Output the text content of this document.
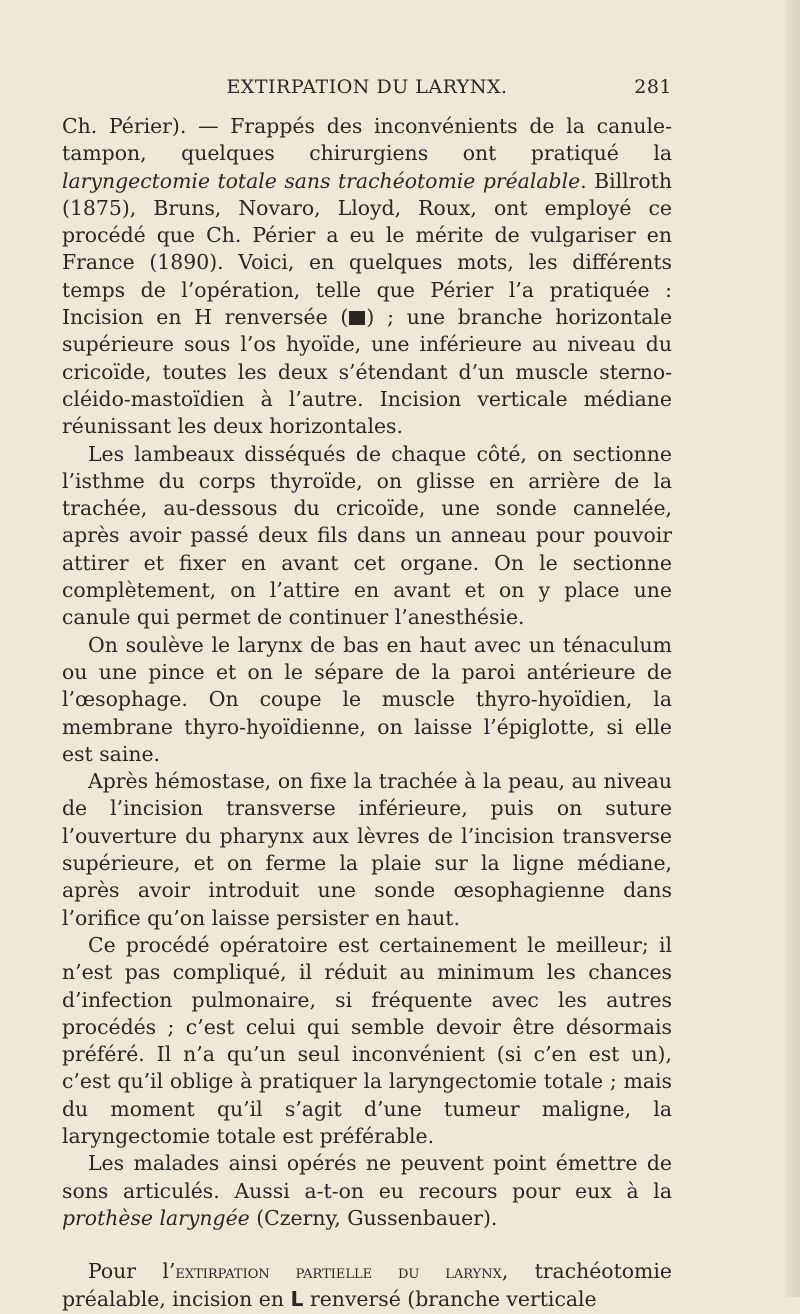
EXTIRPATION DU LARYNX.	281

Ch. Périer). — Frappés des inconvénients de la canule-tampon, quelques chirurgiens ont pratiqué la laryngectomie totale sans trachéotomie préalable. Billroth (1875), Bruns, Novaro, Lloyd, Roux, ont employé ce procédé que Ch. Périer a eu le mérite de vulgariser en France (1890). Voici, en quelques mots, les différents temps de l’opération, telle que Périer l’a pratiquée : Incision en H renversée ( ) ; une branche horizontale supérieure sous l’os hyoïde, une inférieure au niveau du cricoïde, toutes les deux s’étendant d’un muscle sterno-cléido-mastoïdien à l’autre. Incision verticale médiane réunissant les deux horizontales.

Les lambeaux disséqués de chaque côté, on sectionne l’isthme du corps thyroïde, on glisse en arrière de la trachée, au-dessous du cricoïde, une sonde cannelée, après avoir passé deux fils dans un anneau pour pouvoir attirer et fixer en avant cet organe. On le sectionne complètement, on l’attire en avant et on y place une canule qui permet de continuer l’anesthésie.

On soulève le larynx de bas en haut avec un ténaculum ou une pince et on le sépare de la paroi antérieure de l’œsophage. On coupe le muscle thyro-hyoïdien, la membrane thyro-hyoïdienne, on laisse l’épiglotte, si elle est saine.

Après hémostase, on fixe la trachée à la peau, au niveau de l’incision transverse inférieure, puis on suture l’ouverture du pharynx aux lèvres de l’incision transverse supérieure, et on ferme la plaie sur la ligne médiane, après avoir introduit une sonde œsophagienne dans l’orifice qu’on laisse persister en haut.

Ce procédé opératoire est certainement le meilleur; il n’est pas compliqué, il réduit au minimum les chances d’infection pulmonaire, si fréquente avec les autres procédés ; c’est celui qui semble devoir être désormais préféré. Il n’a qu’un seul inconvénient (si c’en est un), c’est qu’il oblige à pratiquer la laryngectomie totale ; mais du moment qu’il s’agit d’une tumeur maligne, la laryngectomie totale est préférable.

Les malades ainsi opérés ne peuvent point émettre de sons articulés. Aussi a-t-on eu recours pour eux à la prothèse laryngée (Czerny, Gussenbauer).

Pour l’extirpation partielle du larynx, trachéotomie préalable, incision en L renversé (branche verticale
